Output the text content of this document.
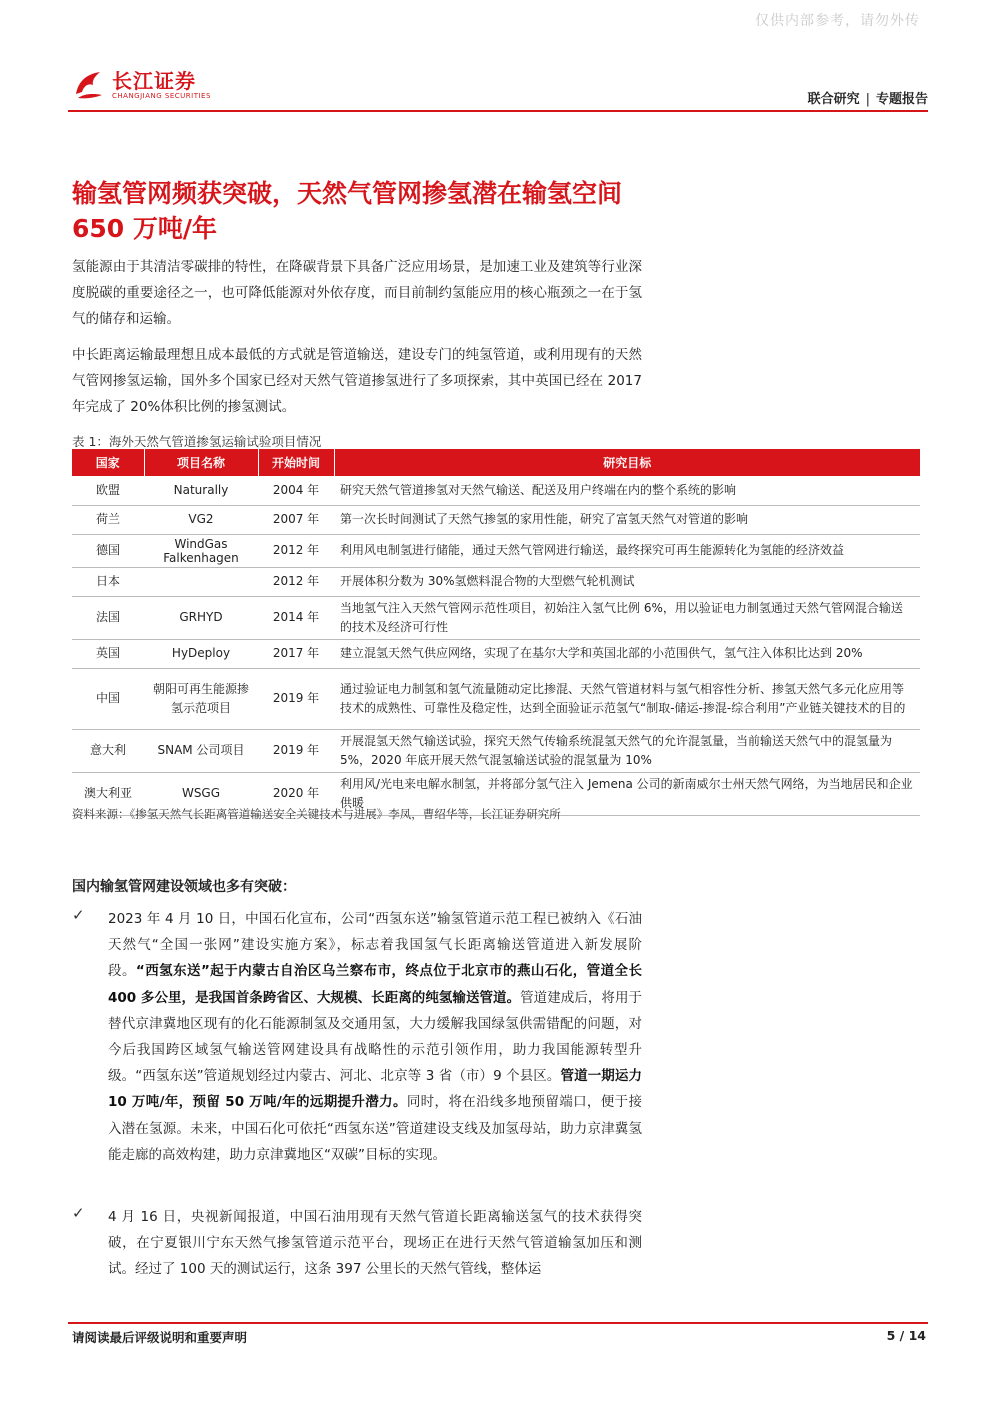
仅供内部参考，请勿外传
长江证券
CHANGJIANG SECURITIES	联合研究 | 专题报告
输氢管网频获突破，天然气管网掺氢潜在输氢空间 650 万吨/年
氢能源由于其清洁零碳排的特性，在降碳背景下具备广泛应用场景，是加速工业及建筑等行业深度脱碳的重要途径之一，也可降低能源对外依存度，而目前制约氢能应用的核心瓶颈之一在于氢气的储存和运输。
中长距离运输最理想且成本最低的方式就是管道输送，建设专门的纯氢管道，或利用现有的天然气管网掺氢运输，国外多个国家已经对天然气管道掺氢进行了多项探索，其中英国已经在 2017 年完成了 20%体积比例的掺氢测试。
表 1：海外天然气管道掺氢运输试验项目情况
国家	项目名称	开始时间	研究目标
欧盟	Naturally	2004 年	研究天然气管道掺氢对天然气输送、配送及用户终端在内的整个系统的影响
荷兰	VG2	2007 年	第一次长时间测试了天然气掺氢的家用性能，研究了富氢天然气对管道的影响
德国	WindGas Falkenhagen	2012 年	利用风电制氢进行储能，通过天然气管网进行输送，最终探究可再生能源转化为氢能的经济效益
日本		2012 年	开展体积分数为 30%氢燃料混合物的大型燃气轮机测试
法国	GRHYD	2014 年	当地氢气注入天然气管网示范性项目，初始注入氢气比例 6%，用以验证电力制氢通过天然气管网混合输送的技术及经济可行性
英国	HyDeploy	2017 年	建立混氢天然气供应网络，实现了在基尔大学和英国北部的小范围供气，氢气注入体积比达到 20%
中国	朝阳可再生能源掺氢示范项目	2019 年	通过验证电力制氢和氢气流量随动定比掺混、天然气管道材料与氢气相容性分析、掺氢天然气多元化应用等技术的成熟性、可靠性及稳定性，达到全面验证示范氢气“制取-储运-掺混-综合利用”产业链关键技术的目的
意大利	SNAM 公司项目	2019 年	开展混氢天然气输送试验，探究天然气传输系统混氢天然气的允许混氢量，当前输送天然气中的混氢量为 5%，2020 年底开展天然气混氢输送试验的混氢量为 10%
澳大利亚	WSGG	2020 年	利用风/光电来电解水制氢，并将部分氢气注入 Jemena 公司的新南威尔士州天然气网络，为当地居民和企业供暖
资料来源：《掺氢天然气长距离管道输送安全关键技术与进展》李凤，曹绍华等，长江证券研究所
国内输氢管网建设领域也多有突破：
✓ 2023 年 4 月 10 日，中国石化宣布，公司“西氢东送”输氢管道示范工程已被纳入《石油天然气“全国一张网”建设实施方案》，标志着我国氢气长距离输送管道进入新发展阶段。“西氢东送”起于内蒙古自治区乌兰察布市，终点位于北京市的燕山石化，管道全长 400 多公里，是我国首条跨省区、大规模、长距离的纯氢输送管道。管道建成后，将用于替代京津冀地区现有的化石能源制氢及交通用氢，大力缓解我国绿氢供需错配的问题，对今后我国跨区域氢气输送管网建设具有战略性的示范引领作用，助力我国能源转型升级。“西氢东送”管道规划经过内蒙古、河北、北京等 3 省（市）9 个县区。管道一期运力 10 万吨/年，预留 50 万吨/年的远期提升潜力。同时，将在沿线多地预留端口，便于接入潜在氢源。未来，中国石化可依托“西氢东送”管道建设支线及加氢母站，助力京津冀氢能走廊的高效构建，助力京津冀地区“双碳”目标的实现。
✓ 4 月 16 日，央视新闻报道，中国石油用现有天然气管道长距离输送氢气的技术获得突破，在宁夏银川宁东天然气掺氢管道示范平台，现场正在进行天然气管道输氢加压和测试。经过了 100 天的测试运行，这条 397 公里长的天然气管线，整体运
请阅读最后评级说明和重要声明	5 / 14
